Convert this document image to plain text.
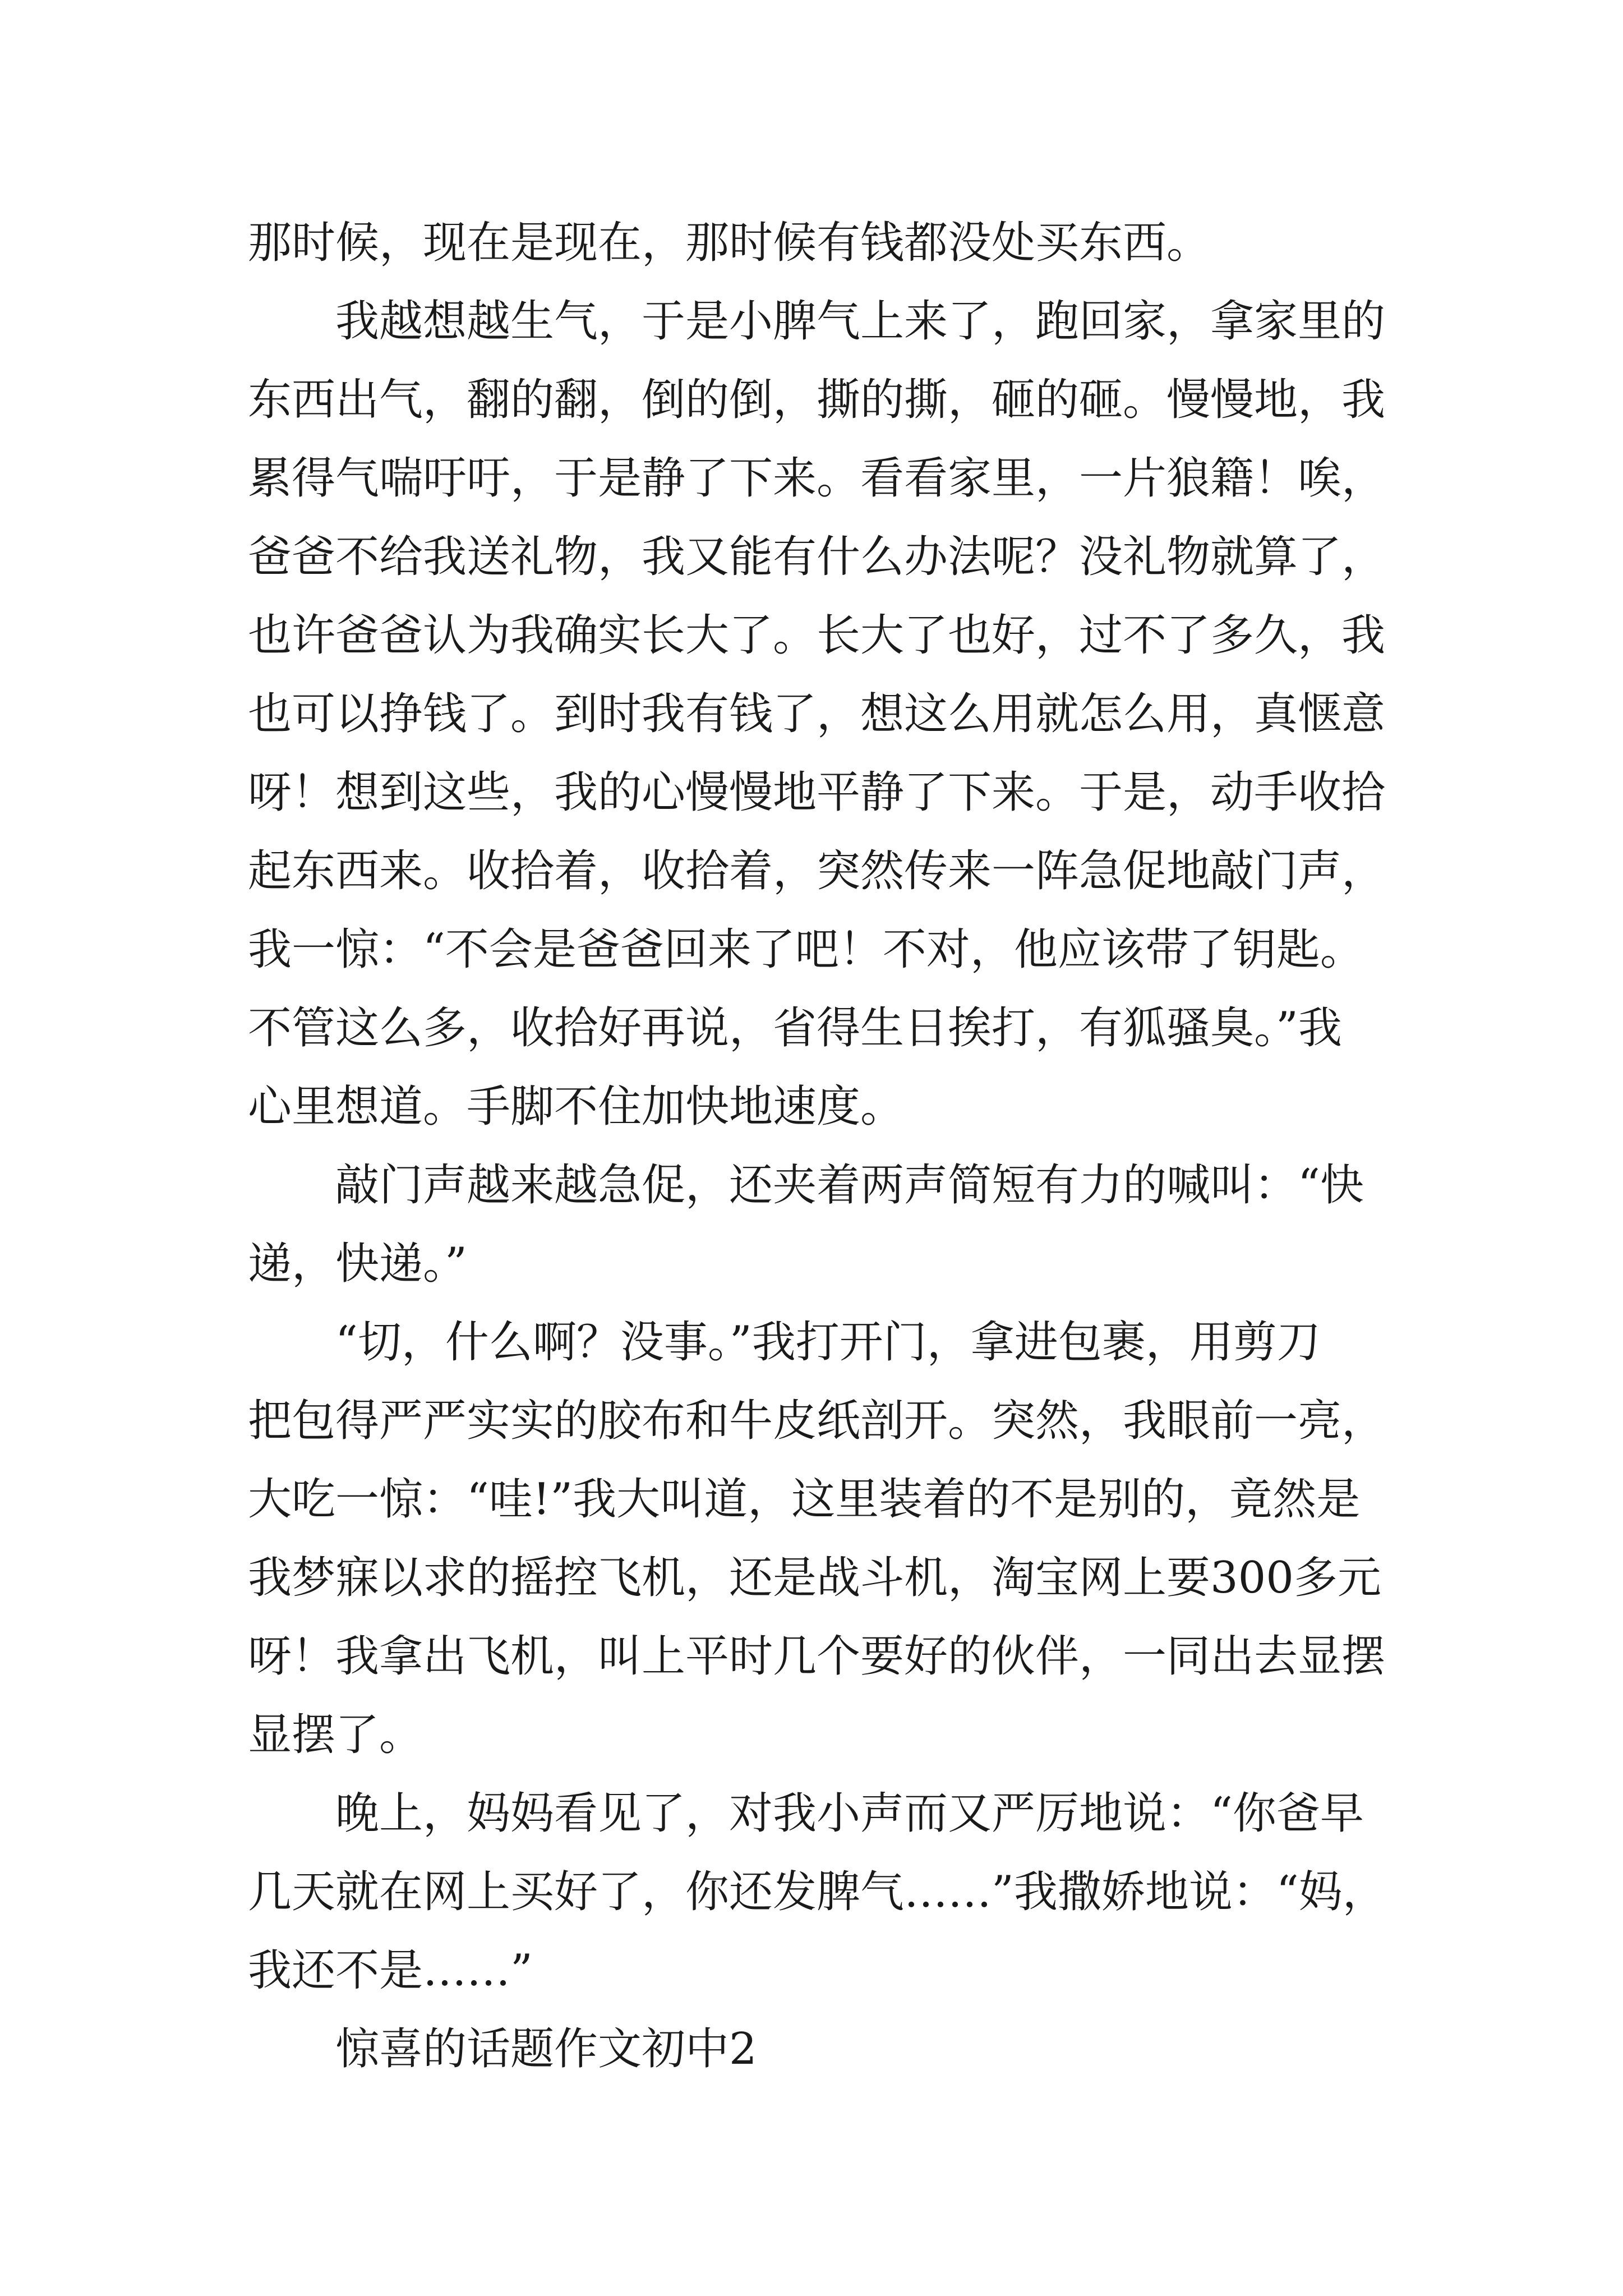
那时候，现在是现在，那时候有钱都没处买东西。
我越想越生气，于是小脾气上来了，跑回家，拿家里的
东西出气，翻的翻，倒的倒，撕的撕，砸的砸。慢慢地，我
累得气喘吁吁，于是静了下来。看看家里，一片狼籍！唉，
爸爸不给我送礼物，我又能有什么办法呢？没礼物就算了，
也许爸爸认为我确实长大了。长大了也好，过不了多久，我
也可以挣钱了。到时我有钱了，想这么用就怎么用，真惬意
呀！想到这些，我的心慢慢地平静了下来。于是，动手收拾
起东西来。收拾着，收拾着，突然传来一阵急促地敲门声，
我一惊：“不会是爸爸回来了吧！不对，他应该带了钥匙。
不管这么多，收拾好再说，省得生日挨打，有狐骚臭。”我
心里想道。手脚不住加快地速度。
敲门声越来越急促，还夹着两声简短有力的喊叫：“快
递，快递。”
“切，什么啊？没事。”我打开门，拿进包裹，用剪刀
把包得严严实实的胶布和牛皮纸剖开。突然，我眼前一亮，
大吃一惊：“哇!”我大叫道，这里装着的不是别的，竟然是
我梦寐以求的摇控飞机，还是战斗机，淘宝网上要300多元
呀！我拿出飞机，叫上平时几个要好的伙伴，一同出去显摆
显摆了。
晚上，妈妈看见了，对我小声而又严厉地说：“你爸早
几天就在网上买好了，你还发脾气……”我撒娇地说：“妈，
我还不是……”
惊喜的话题作文初中2
